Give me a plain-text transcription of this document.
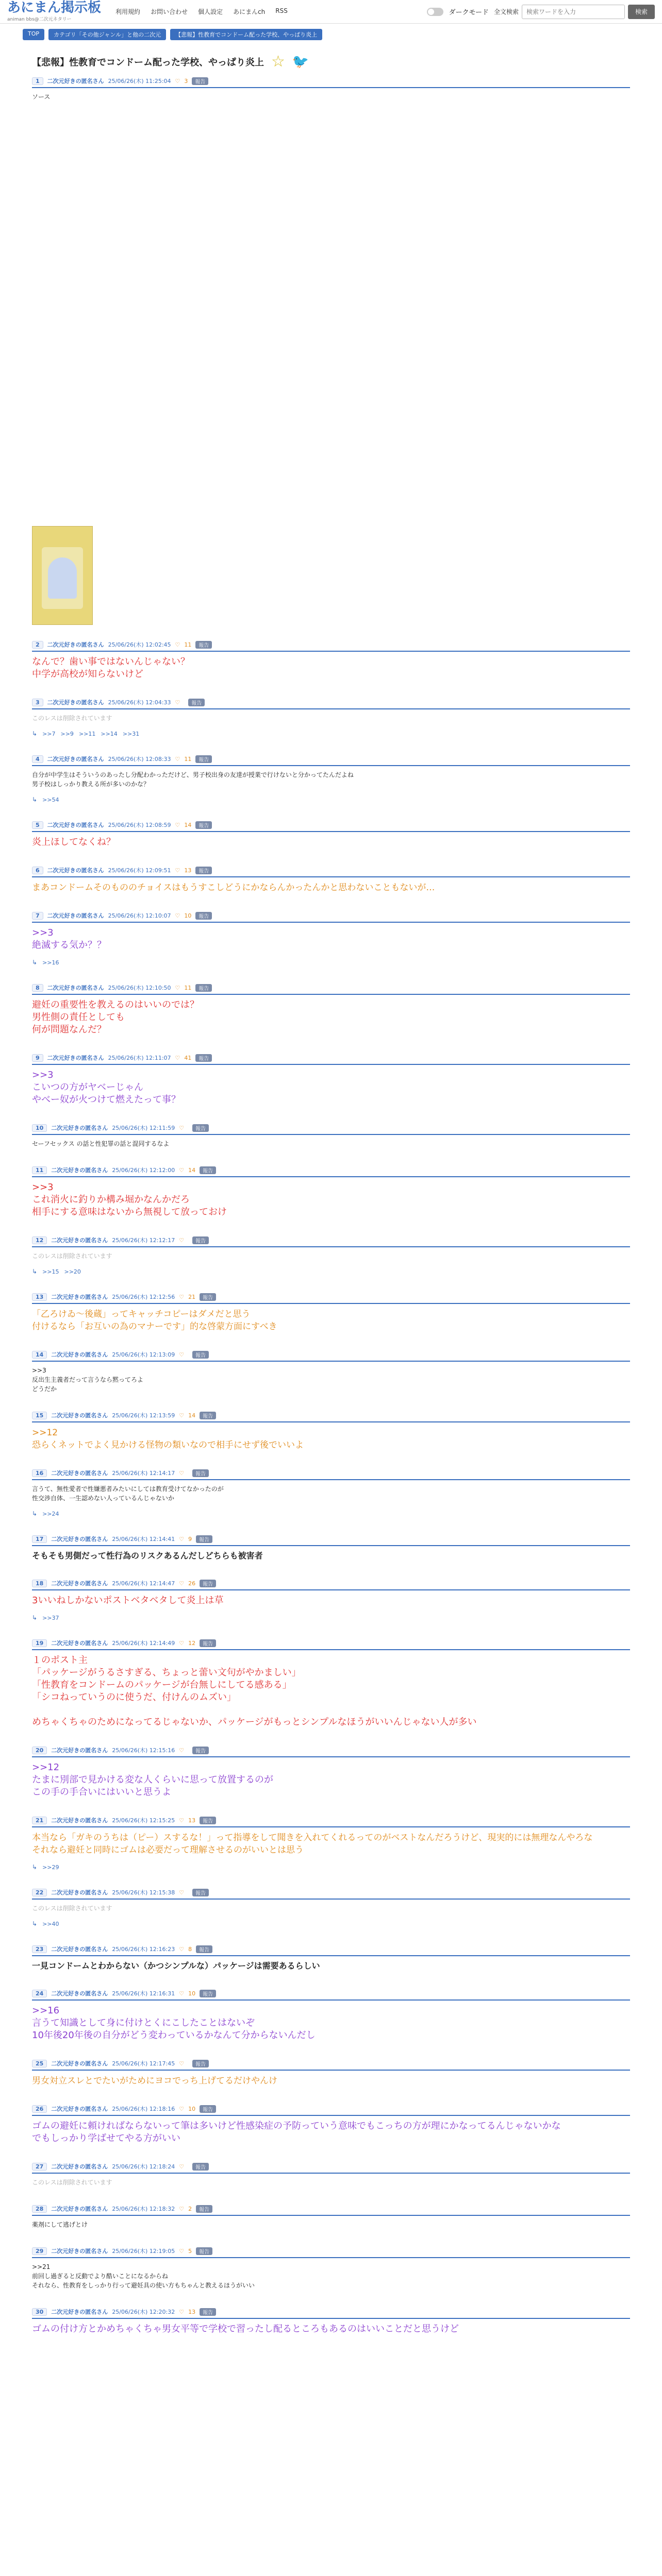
あにまん掲示板
animan bbs@二次元ネタリー
利用規約 お問い合わせ 個人設定 あにまんch RSS	ダークモード 全文検索
検索ワードを入力	検索
TOP	カテゴリ「その他ジャンル」と他の二次元	【悲報】性教育でコンドーム配った学校、やっぱり炎上
【悲報】性教育でコンドーム配った学校、やっぱり炎上 ☆ 🐦
1	二次元好きの匿名さん 25/06/26(木) 11:25:04 ♡ 3	報告
ソース
2	二次元好きの匿名さん 25/06/26(木) 12:02:45 ♡ 11	報告
なんで？歯い事ではないんじゃない？
中学が高校が知らないけど
3	二次元好きの匿名さん 25/06/26(木) 12:04:33 ♡	報告
このレスは削除されています
↳ >>7 >>9 >>11 >>14 >>31
4	二次元好きの匿名さん 25/06/26(木) 12:08:33 ♡ 11	報告
自分が中学生はそういうのあったし分配わかっただけど、男子校出身の友達が授業で行けないと分かってたんだよね
男子校はしっかり教える所が多いのかな？
↳ >>54
5	二次元好きの匿名さん 25/06/26(木) 12:08:59 ♡ 14	報告
炎上ほしてなくね？
6	二次元好きの匿名さん 25/06/26(木) 12:09:51 ♡ 13	報告
まあコンドームそのもののチョイスはもうすこしどうにかならんかったんかと思わないこともないが…
7	二次元好きの匿名さん 25/06/26(木) 12:10:07 ♡ 10	報告
>>3
絶滅する気か？？
↳ >>16
8	二次元好きの匿名さん 25/06/26(木) 12:10:50 ♡ 11	報告
避妊の重要性を教えるのはいいのでは？
男性側の責任としても
何が問題なんだ？
9	二次元好きの匿名さん 25/06/26(木) 12:11:07 ♡ 41	報告
>>3
こいつの方がヤベーじゃん
やべー奴が火つけて燃えたって事？
10	二次元好きの匿名さん 25/06/26(木) 12:11:59 ♡	報告
セーフセックス の話と性犯罪の話と混同するなよ
11	二次元好きの匿名さん 25/06/26(木) 12:12:00 ♡ 14	報告
>>3
これ消火に釣りか構み堀かなんかだろ
相手にする意味はないから無視して放っておけ
12	二次元好きの匿名さん 25/06/26(木) 12:12:17 ♡	報告
このレスは削除されています
↳ >>15 >>20
13	二次元好きの匿名さん 25/06/26(木) 12:12:56 ♡ 21	報告
「乙ろけゐ～後蔵」ってキャッチコピーはダメだと思う
付けるなら「お互いの為のマナーです」的な啓蒙方面にすべき
14	二次元好きの匿名さん 25/06/26(木) 12:13:09 ♡	報告
>>3
反出生主義者だって言うなら黙ってろよ
どうだか
15	二次元好きの匿名さん 25/06/26(木) 12:13:59 ♡ 14	報告
>>12
恐らくネットでよく見かける怪物の類いなので相手にせず後でいいよ
16	二次元好きの匿名さん 25/06/26(木) 12:14:17 ♡	報告
言うて、無性愛者で性嫌悪者みたいにしては教育受けてなかったのが
性交渉自体、一生認めない人っているんじゃないか
↳ >>24
17	二次元好きの匿名さん 25/06/26(木) 12:14:41 ♡ 9	報告
そもそも男側だって性行為のリスクあるんだしどちらも被害者
18	二次元好きの匿名さん 25/06/26(木) 12:14:47 ♡ 26	報告
3いいねしかないポストベタベタして炎上は草
↳ >>37
19	二次元好きの匿名さん 25/06/26(木) 12:14:49 ♡ 12	報告
１のポスト主
「パッケージがうるさすぎる、ちょっと蕾い文句がやかましい」
「性教育をコンドームのパッケージが台無しにしてる感ある」
「シコねっていうのに使うだ、付けんのムズい」

めちゃくちゃのためになってるじゃないか、パッケージがもっとシンプルなほうがいいんじゃない人が多い
20	二次元好きの匿名さん 25/06/26(木) 12:15:16 ♡	報告
>>12
たまに別部で見かける変な人くらいに思って放置するのが
この手の手合いにはいいと思うよ
21	二次元好きの匿名さん 25/06/26(木) 12:15:25 ♡ 13	報告
本当なら「ガキのうちは（ピー）スするな！」って指導をして聞きを入れてくれるってのがベストなんだろうけど、現実的には無理なんやろな
それなら避妊と同時にゴムは必要だって理解させるのがいいとは思う
↳ >>29
22	二次元好きの匿名さん 25/06/26(木) 12:15:38 ♡	報告
このレスは削除されています
↳ >>40
23	二次元好きの匿名さん 25/06/26(木) 12:16:23 ♡ 8	報告
一見コンドームとわからない（かつシンプルな）パッケージは需要あるらしい
24	二次元好きの匿名さん 25/06/26(木) 12:16:31 ♡ 10	報告
>>16
言うて知識として身に付けとくにこしたことはないぞ
10年後20年後の自分がどう変わっているかなんて分からないんだし
25	二次元好きの匿名さん 25/06/26(木) 12:17:45 ♡	報告
男女対立スレとでたいがためにヨコでっち上げてるだけやんけ
26	二次元好きの匿名さん 25/06/26(木) 12:18:16 ♡ 10	報告
ゴムの避妊に頼ければならないって筆は多いけど性感染症の予防っていう意味でもこっちの方が理にかなってるんじゃないかな
でもしっかり学ばせてやる方がいい
27	二次元好きの匿名さん 25/06/26(木) 12:18:24 ♡	報告
このレスは削除されています
28	二次元好きの匿名さん 25/06/26(木) 12:18:32 ♡ 2	報告
薬剤にして逃げとけ
29	二次元好きの匿名さん 25/06/26(木) 12:19:05 ♡ 5	報告
>>21
前回し過ぎると反動でより酷いことになるからね
それなら、性教育をしっかり行って避妊具の使い方もちゃんと教えるほうがいい
30	二次元好きの匿名さん 25/06/26(木) 12:20:32 ♡ 13	報告
ゴムの付け方とかめちゃくちゃ男女平等で学校で習ったし配るところもあるのはいいことだと思うけど
